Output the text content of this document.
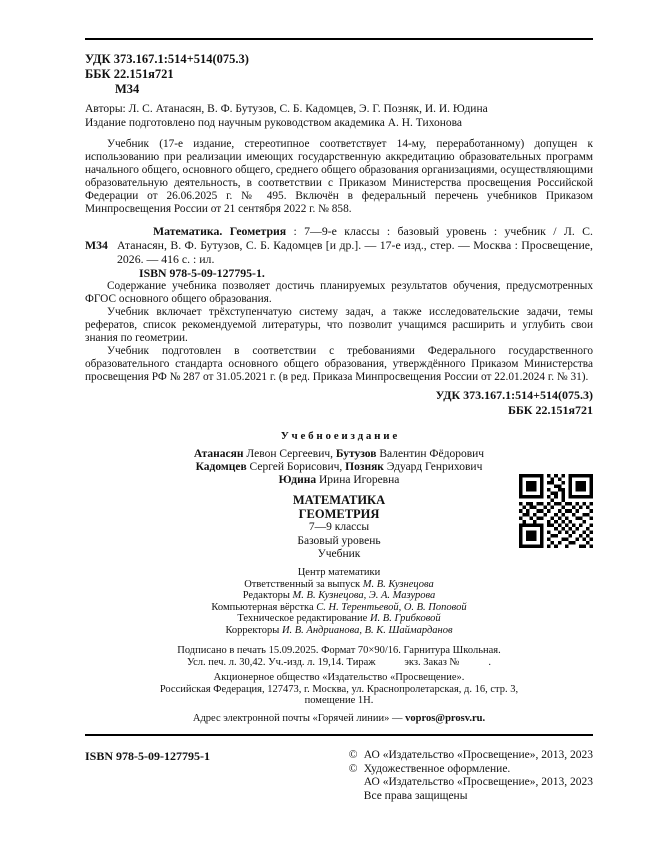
УДК 373.167.1:514+514(075.3)
ББК 22.151я721
М34
Авторы: Л. С. Атанасян, В. Ф. Бутузов, С. Б. Кадомцев, Э. Г. Позняк, И. И. Юдина
Издание подготовлено под научным руководством академика А. Н. Тихонова

Учебник (17-е издание, стереотипное соответствует 14-му, переработанному) допущен к использованию при реализации имеющих государственную аккредитацию образовательных программ начального общего, основного общего, среднего общего образования организациями, осуществляющими образовательную деятельность, в соответствии с Приказом Министерства просвещения Российской Федерации от 26.06.2025 г. № 495. Включён в федеральный перечень учебников Приказом Минпросвещения России от 21 сентября 2022 г. № 858.

М34

Математика. Геометрия : 7—9-е классы : базовый уровень : учебник / Л. С. Атанасян, В. Ф. Бутузов, С. Б. Кадомцев [и др.]. — 17-е изд., стер. — Москва : Просвещение, 2026. — 416 с. : ил.

ISBN 978-5-09-127795-1.

Содержание учебника позволяет достичь планируемых результатов обучения, предусмотренных ФГОС основного общего образования.

Учебник включает трёхступенчатую систему задач, а также исследовательские задачи, темы рефератов, список рекомендуемой литературы, что позволит учащимся расширить и углубить свои знания по геометрии.

Учебник подготовлен в соответствии с требованиями Федерального государственного образовательного стандарта основного общего образования, утверждённого Приказом Министерства просвещения РФ № 287 от 31.05.2021 г. (в ред. Приказа Минпросвещения России от 22.01.2024 г. № 31).

УДК 373.167.1:514+514(075.3)
ББК 22.151я721
У ч е б н о е и з д а н и е
Атанасян Левон Сергеевич, Бутузов Валентин Фёдорович
Кадомцев Сергей Борисович, Позняк Эдуард Генрихович
Юдина Ирина Игоревна
МАТЕМАТИКА
ГЕОМЕТРИЯ
7—9 классы
Базовый уровень
Учебник
Центр математики
Ответственный за выпуск М. В. Кузнецова
Редакторы М. В. Кузнецова, Э. А. Мазурова
Компьютерная вёрстка С. Н. Терентьевой, О. В. Поповой
Техническое редактирование И. В. Грибковой
Корректоры И. В. Андрианова, В. К. Шаймарданов
Подписано в печать 15.09.2025. Формат 70×90/16. Гарнитура Школьная.
Усл. печ. л. 30,42. Уч.-изд. л. 19,14. Тираж           экз. Заказ №           .
Акционерное общество «Издательство «Просвещение».
Российская Федерация, 127473, г. Москва, ул. Краснопролетарская, д. 16, стр. 3,
помещение 1Н.
Адрес электронной почты «Горячей линии» — vopros@prosv.ru.
ISBN 978-5-09-127795-1	© АО «Издательство «Просвещение», 2013, 2023
© Художественное оформление.
АО «Издательство «Просвещение», 2013, 2023
Все права защищены
